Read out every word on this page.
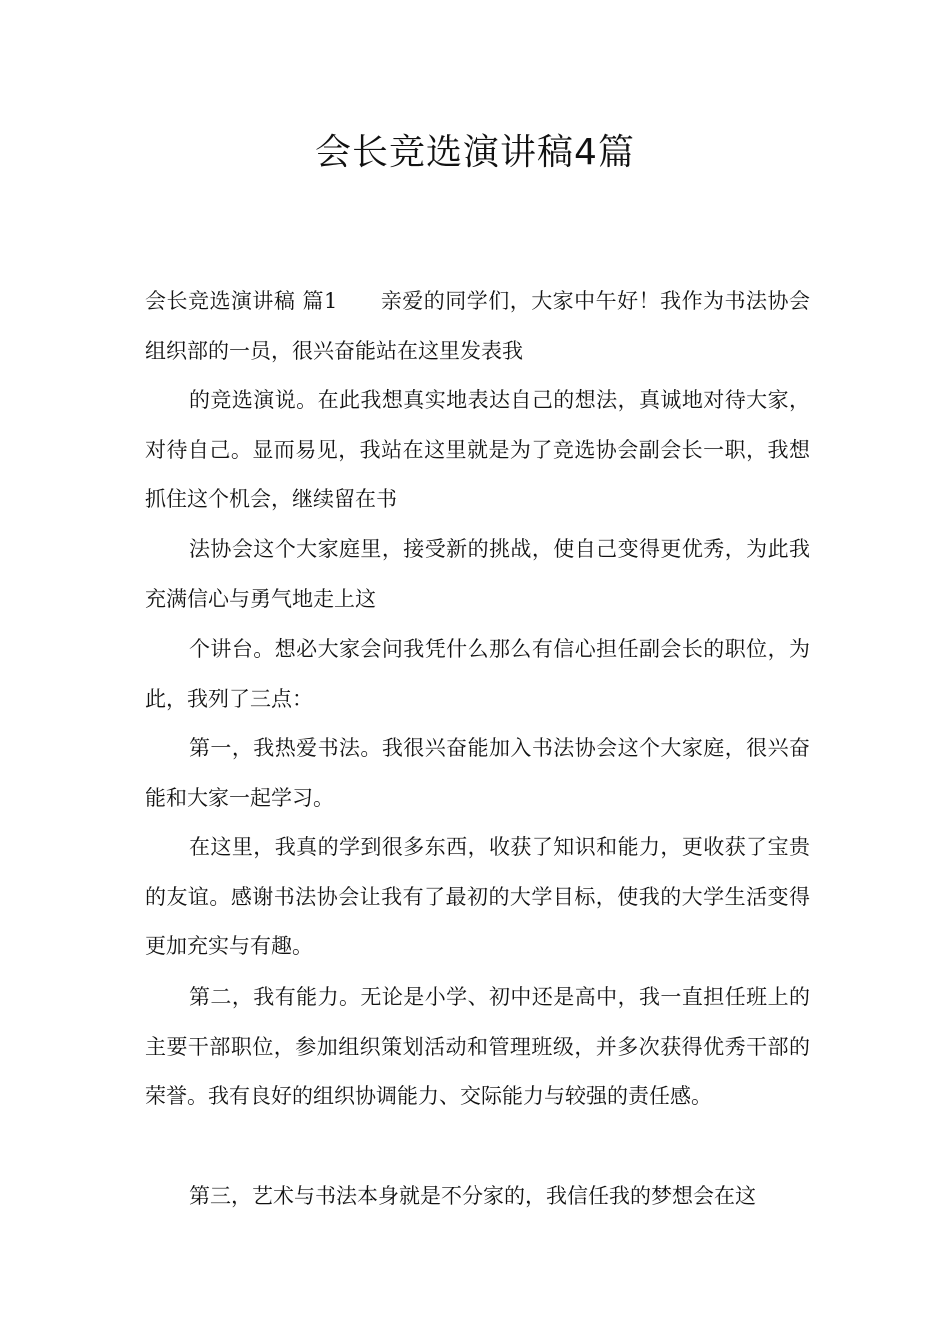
会长竞选演讲稿4篇

会长竞选演讲稿 篇1　　亲爱的同学们，大家中午好！我作为书法协会组织部的一员，很兴奋能站在这里发表我

的竞选演说。在此我想真实地表达自己的想法，真诚地对待大家，对待自己。显而易见，我站在这里就是为了竞选协会副会长一职，我想抓住这个机会，继续留在书

法协会这个大家庭里，接受新的挑战，使自己变得更优秀，为此我充满信心与勇气地走上这

个讲台。想必大家会问我凭什么那么有信心担任副会长的职位，为此，我列了三点：

第一，我热爱书法。我很兴奋能加入书法协会这个大家庭，很兴奋能和大家一起学习。

在这里，我真的学到很多东西，收获了知识和能力，更收获了宝贵的友谊。感谢书法协会让我有了最初的大学目标，使我的大学生活变得更加充实与有趣。

第二，我有能力。无论是小学、初中还是高中，我一直担任班上的主要干部职位，参加组织策划活动和管理班级，并多次获得优秀干部的荣誉。我有良好的组织协调能力、交际能力与较强的责任感。

第三，艺术与书法本身就是不分家的，我信任我的梦想会在这
